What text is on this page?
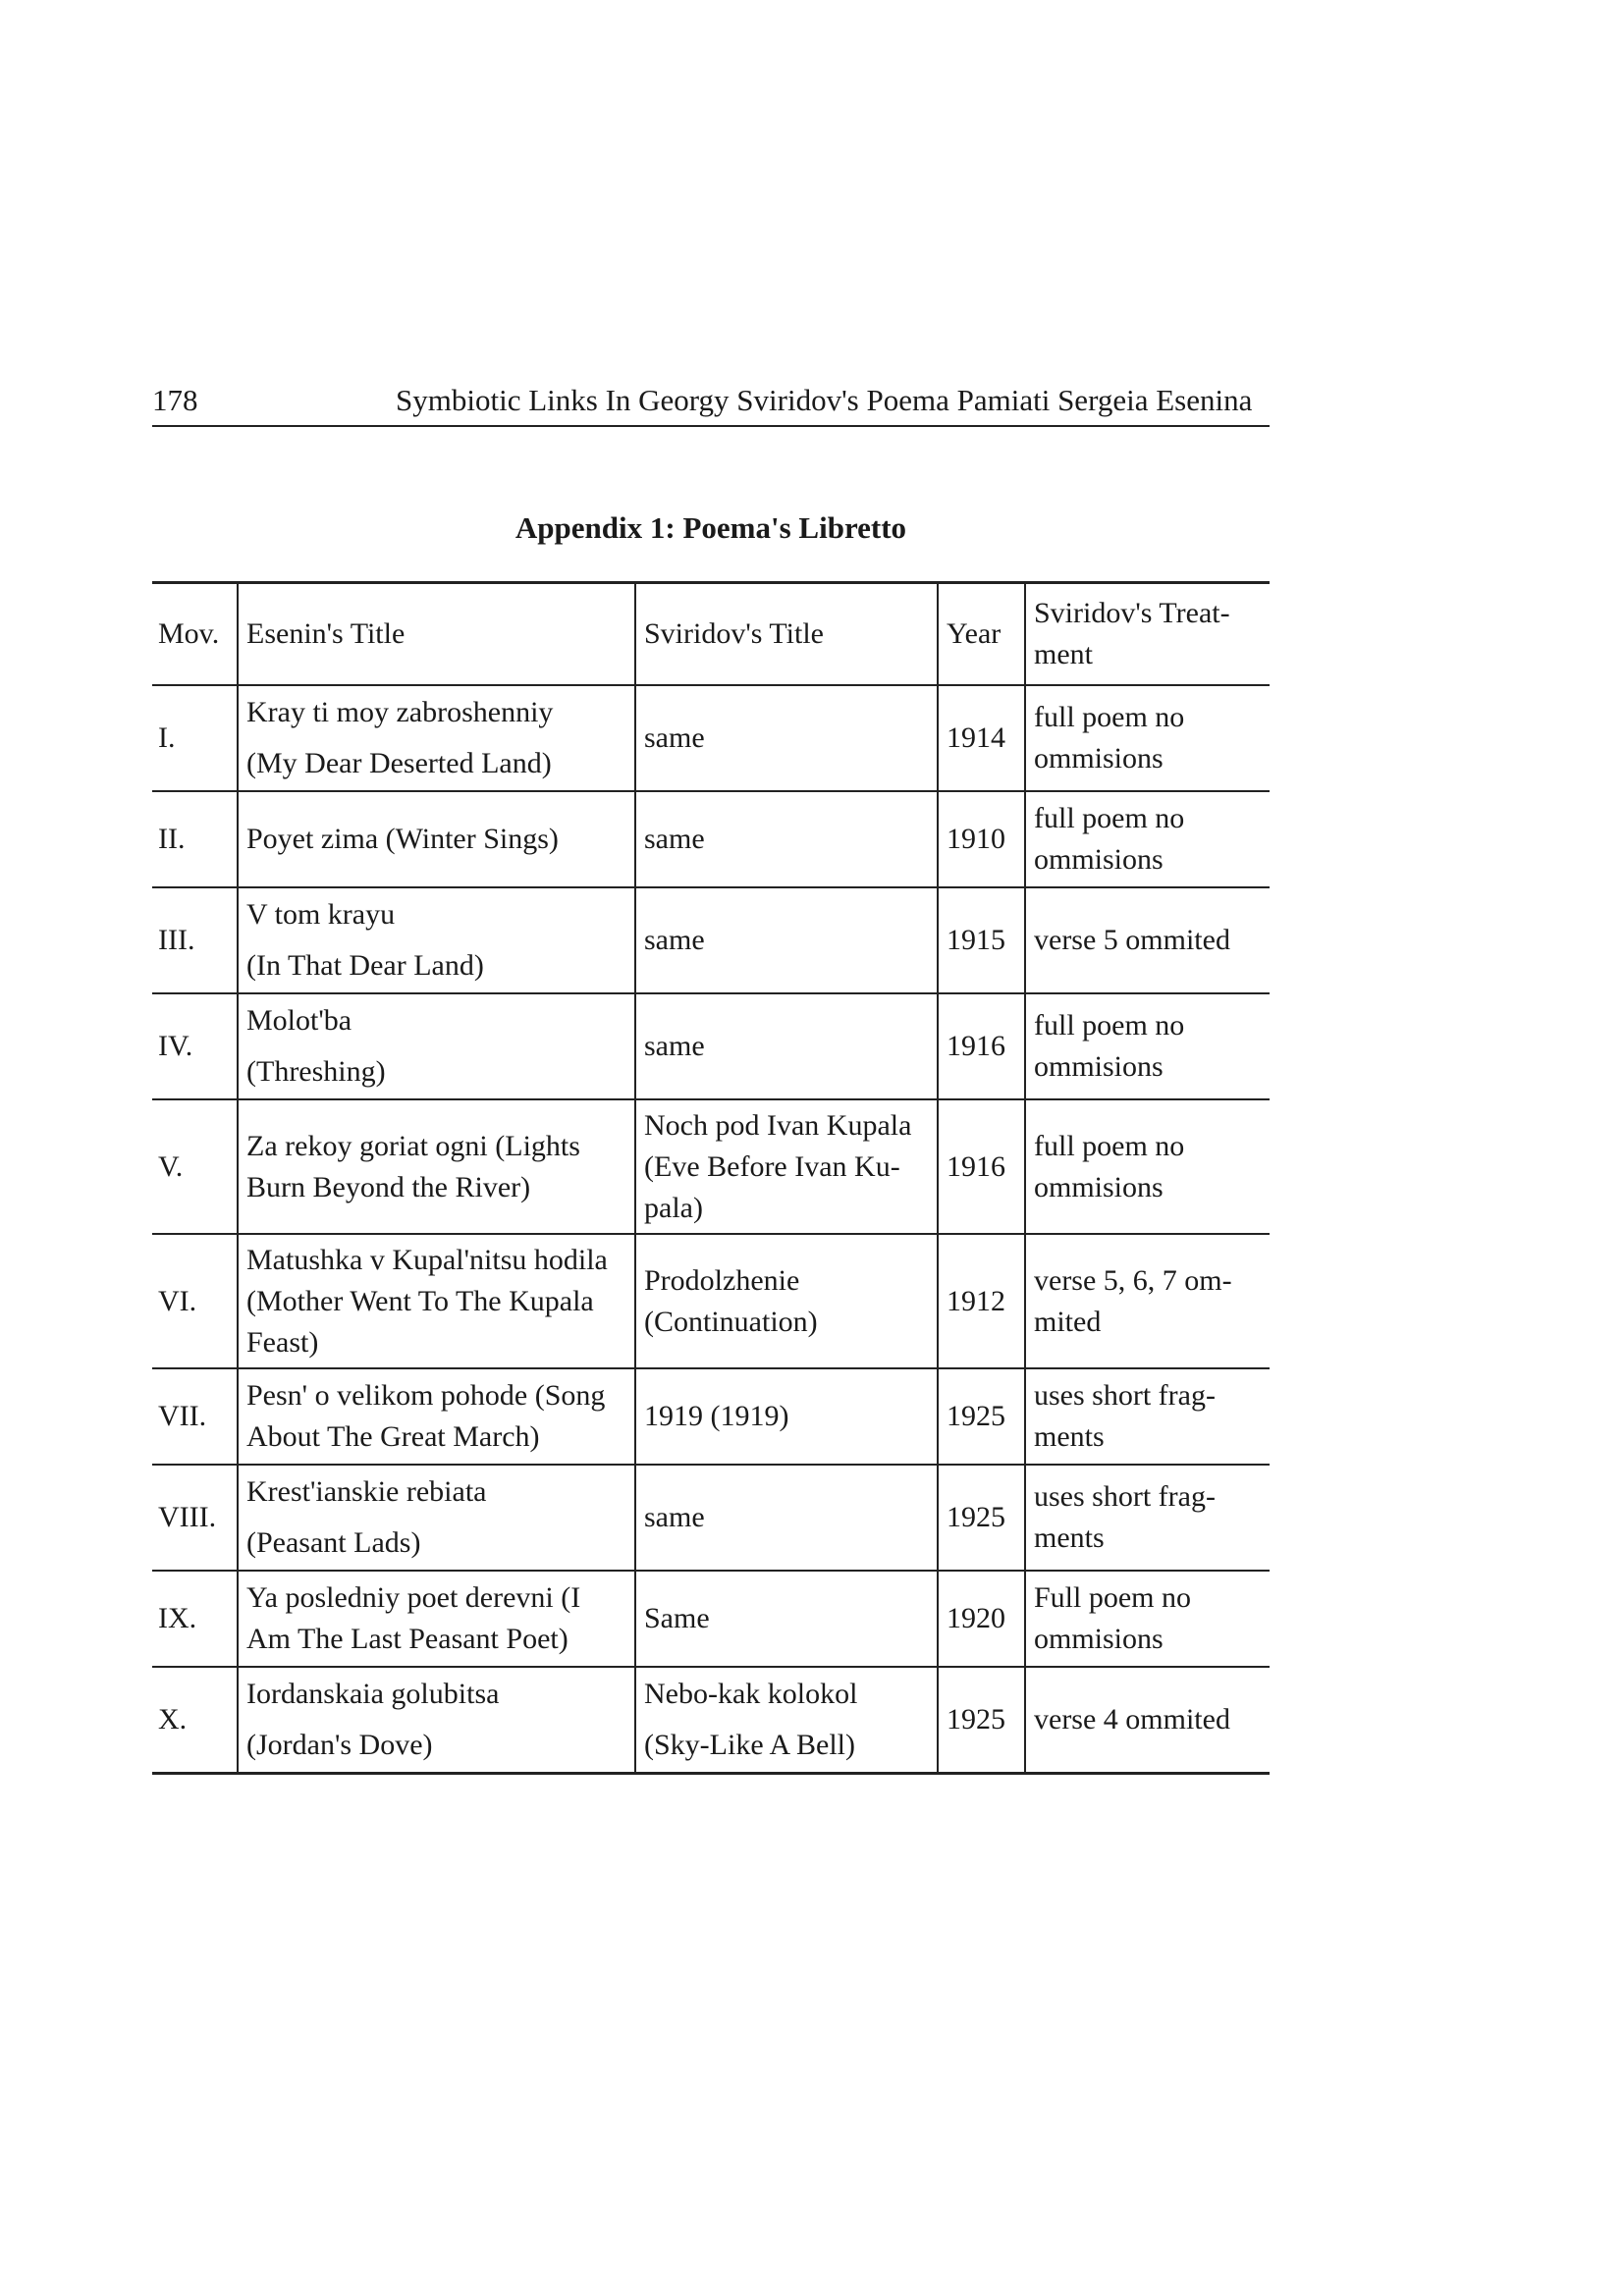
178	Symbiotic Links In Georgy Sviridov's Poema Pamiati Sergeia Esenina
Appendix 1: Poema's Libretto
Mov.	Esenin's Title	Sviridov's Title	Year	Sviridov's Treat-
ment

I.	Kray ti moy zabroshenniy
(My Dear Deserted Land)	same	1914	full poem no
ommisions

II.	Poyet zima (Winter Sings)	same	1910	full poem no
ommisions

III.	V tom krayu
(In That Dear Land)	same	1915	verse 5 ommited

IV.	Molot'ba
(Threshing)	same	1916	full poem no
ommisions

V.	Za rekoy goriat ogni (Lights
Burn Beyond the River)	Noch pod Ivan Kupala
(Eve Before Ivan Ku-
pala)	1916	full poem no
ommisions

VI.	Matushka v Kupal'nitsu hodila
(Mother Went To The Kupala
Feast)	Prodolzhenie
(Continuation)	1912	verse 5, 6, 7 om-
mited

VII.	Pesn' o velikom pohode (Song
About The Great March)	1919 (1919)	1925	uses short frag-
ments

VIII.	Krest'ianskie rebiata
(Peasant Lads)	same	1925	uses short frag-
ments

IX.	Ya posledniy poet derevni (I
Am The Last Peasant Poet)	Same	1920	Full poem no
ommisions

X.	Iordanskaia golubitsa
(Jordan's Dove)	Nebo-kak kolokol
(Sky-Like A Bell)	1925	verse 4 ommited
